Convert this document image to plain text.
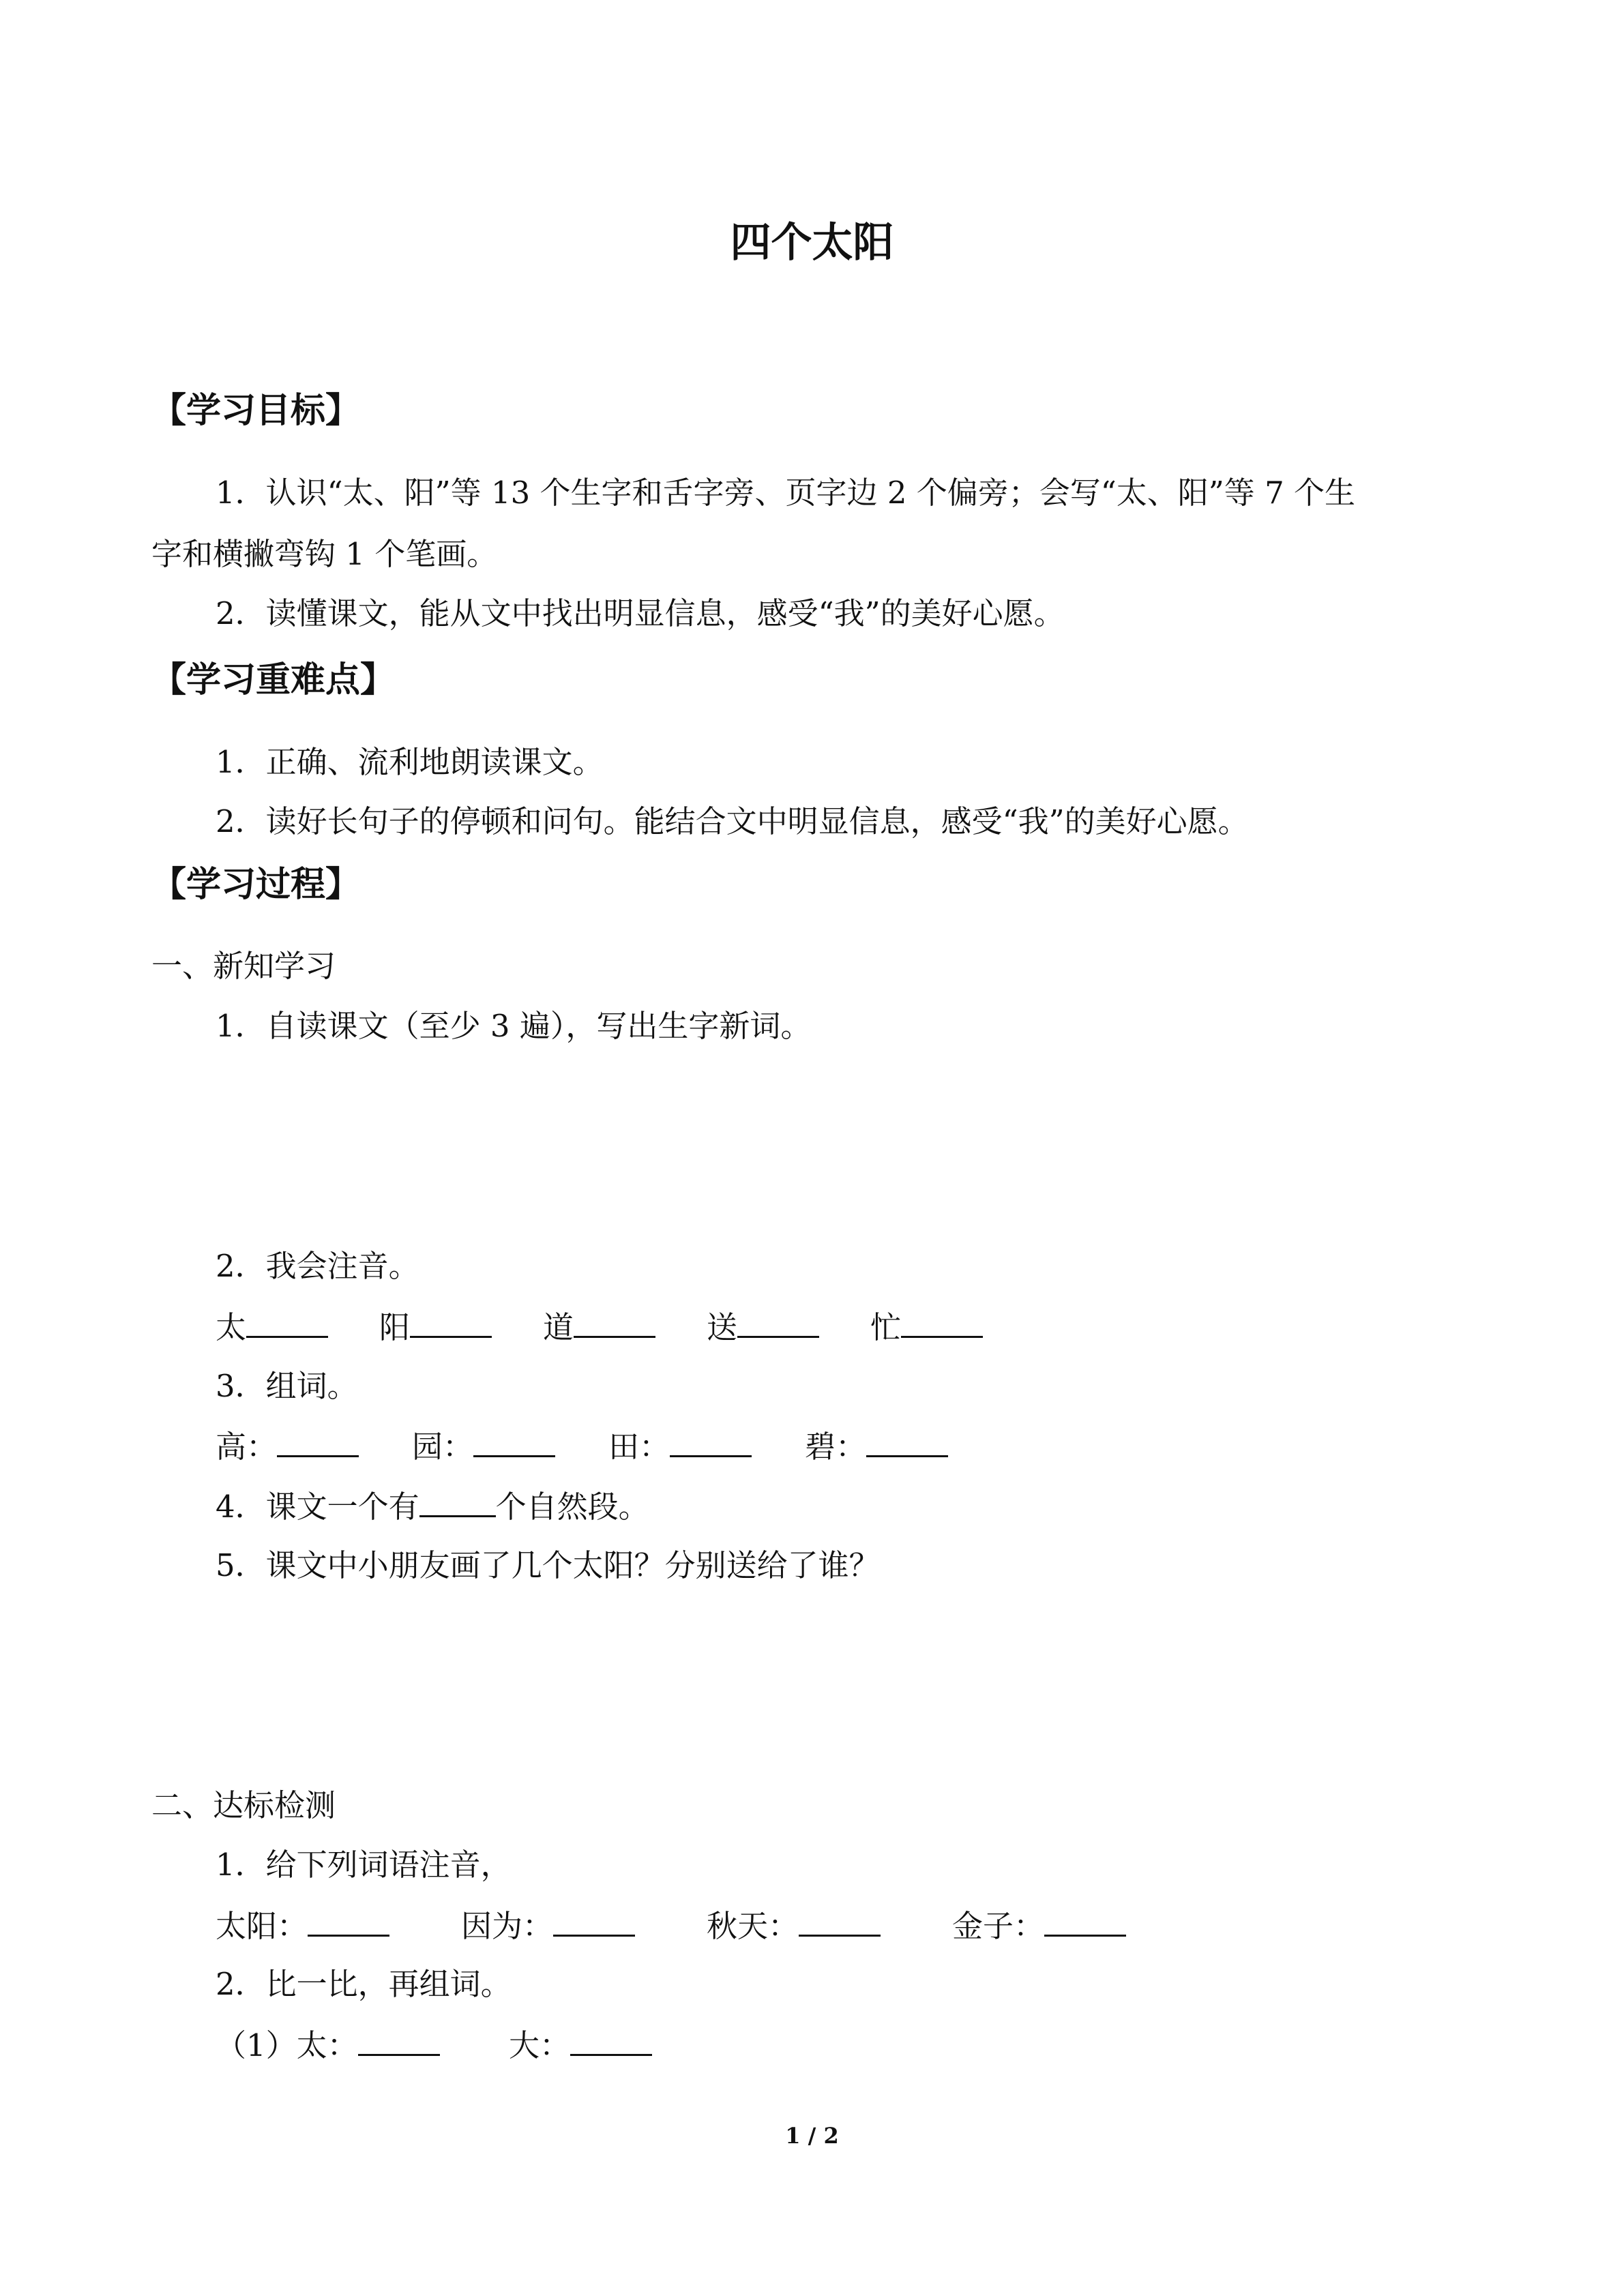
四个太阳
【学习目标】
1．认识“太、阳”等 13 个生字和舌字旁、页字边 2 个偏旁；会写“太、阳”等 7 个生
字和横撇弯钩 1 个笔画。
2．读懂课文，能从文中找出明显信息，感受“我”的美好心愿。
【学习重难点】
1．正确、流利地朗读课文。
2．读好长句子的停顿和问句。能结合文中明显信息，感受“我”的美好心愿。
【学习过程】
一、新知学习
1．自读课文（至少 3 遍），写出生字新词。
2．我会注音。
太	阳	道	送	忙
3．组词。
高：	园：	田：	碧：
4．课文一个有 个自然段。
5．课文中小朋友画了几个太阳？分别送给了谁？
二、达标检测
1．给下列词语注音，
太阳：	因为：	秋天：	金子：
2．比一比，再组词。
（1）太：	大：
1 / 2
